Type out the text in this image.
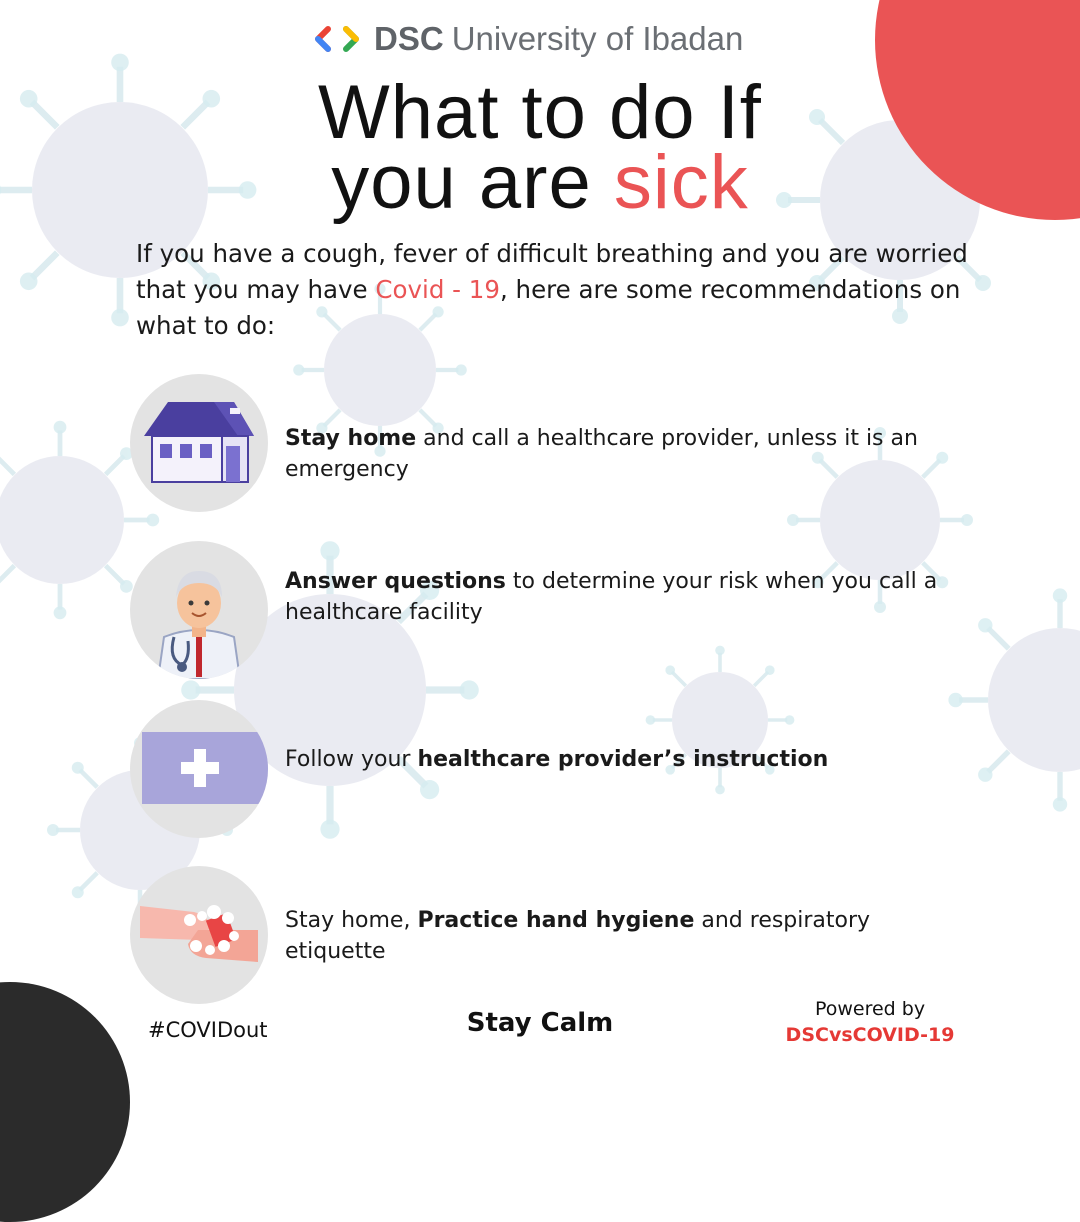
DSC University of Ibadan
What to do If
you are sick
If you have a cough, fever of difficult breathing and you are worried that you may have Covid - 19, here are some recommendations on what to do:
Stay home and call a healthcare provider, unless it is an emergency
Answer questions to determine your risk when you call a healthcare facility
Follow your healthcare provider’s instruction
Stay home, Practice hand hygiene and respiratory etiquette
#COVIDout	Stay Calm	Powered by
DSCvsCOVID-19
